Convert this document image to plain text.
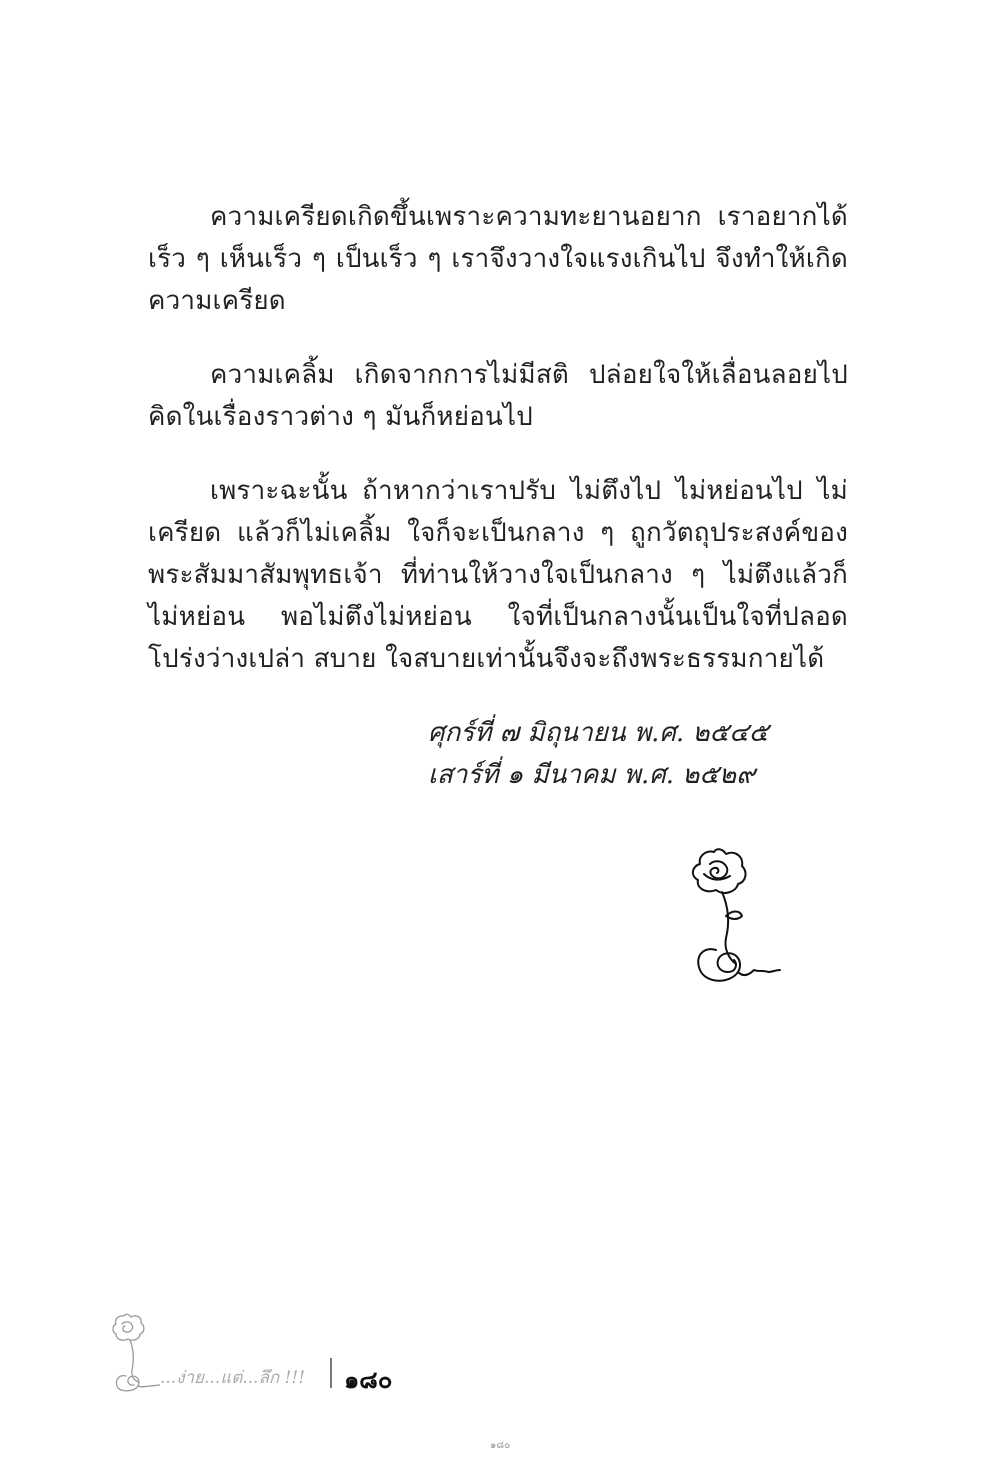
ความเครียดเกิดขึ้นเพราะความทะยานอยาก เราอยากได้เร็ว ๆ เห็นเร็ว ๆ เป็นเร็ว ๆ เราจึงวางใจแรงเกินไป จึงทำให้เกิดความเครียด

ความเคลิ้ม เกิดจากการไม่มีสติ ปล่อยใจให้เลื่อนลอยไปคิดในเรื่องราวต่าง ๆ มันก็หย่อนไป

เพราะฉะนั้น ถ้าหากว่าเราปรับ ไม่ตึงไป ไม่หย่อนไป ไม่เครียด แล้วก็ไม่เคลิ้ม ใจก็จะเป็นกลาง ๆ ถูกวัตถุประสงค์ของพระสัมมาสัมพุทธเจ้า ที่ท่านให้วางใจเป็นกลาง ๆ ไม่ตึงแล้วก็ไม่หย่อน พอไม่ตึงไม่หย่อน ใจที่เป็นกลางนั้นเป็นใจที่ปลอดโปร่งว่างเปล่า สบาย ใจสบายเท่านั้นจึงจะถึงพระธรรมกายได้

ศุกร์ที่ ๗ มิถุนายน พ.ศ. ๒๕๔๕
เสาร์ที่ ๑ มีนาคม พ.ศ. ๒๕๒๙
...ง่าย...แต่...ลึก !!! ๑๘๐
๑๘๐
